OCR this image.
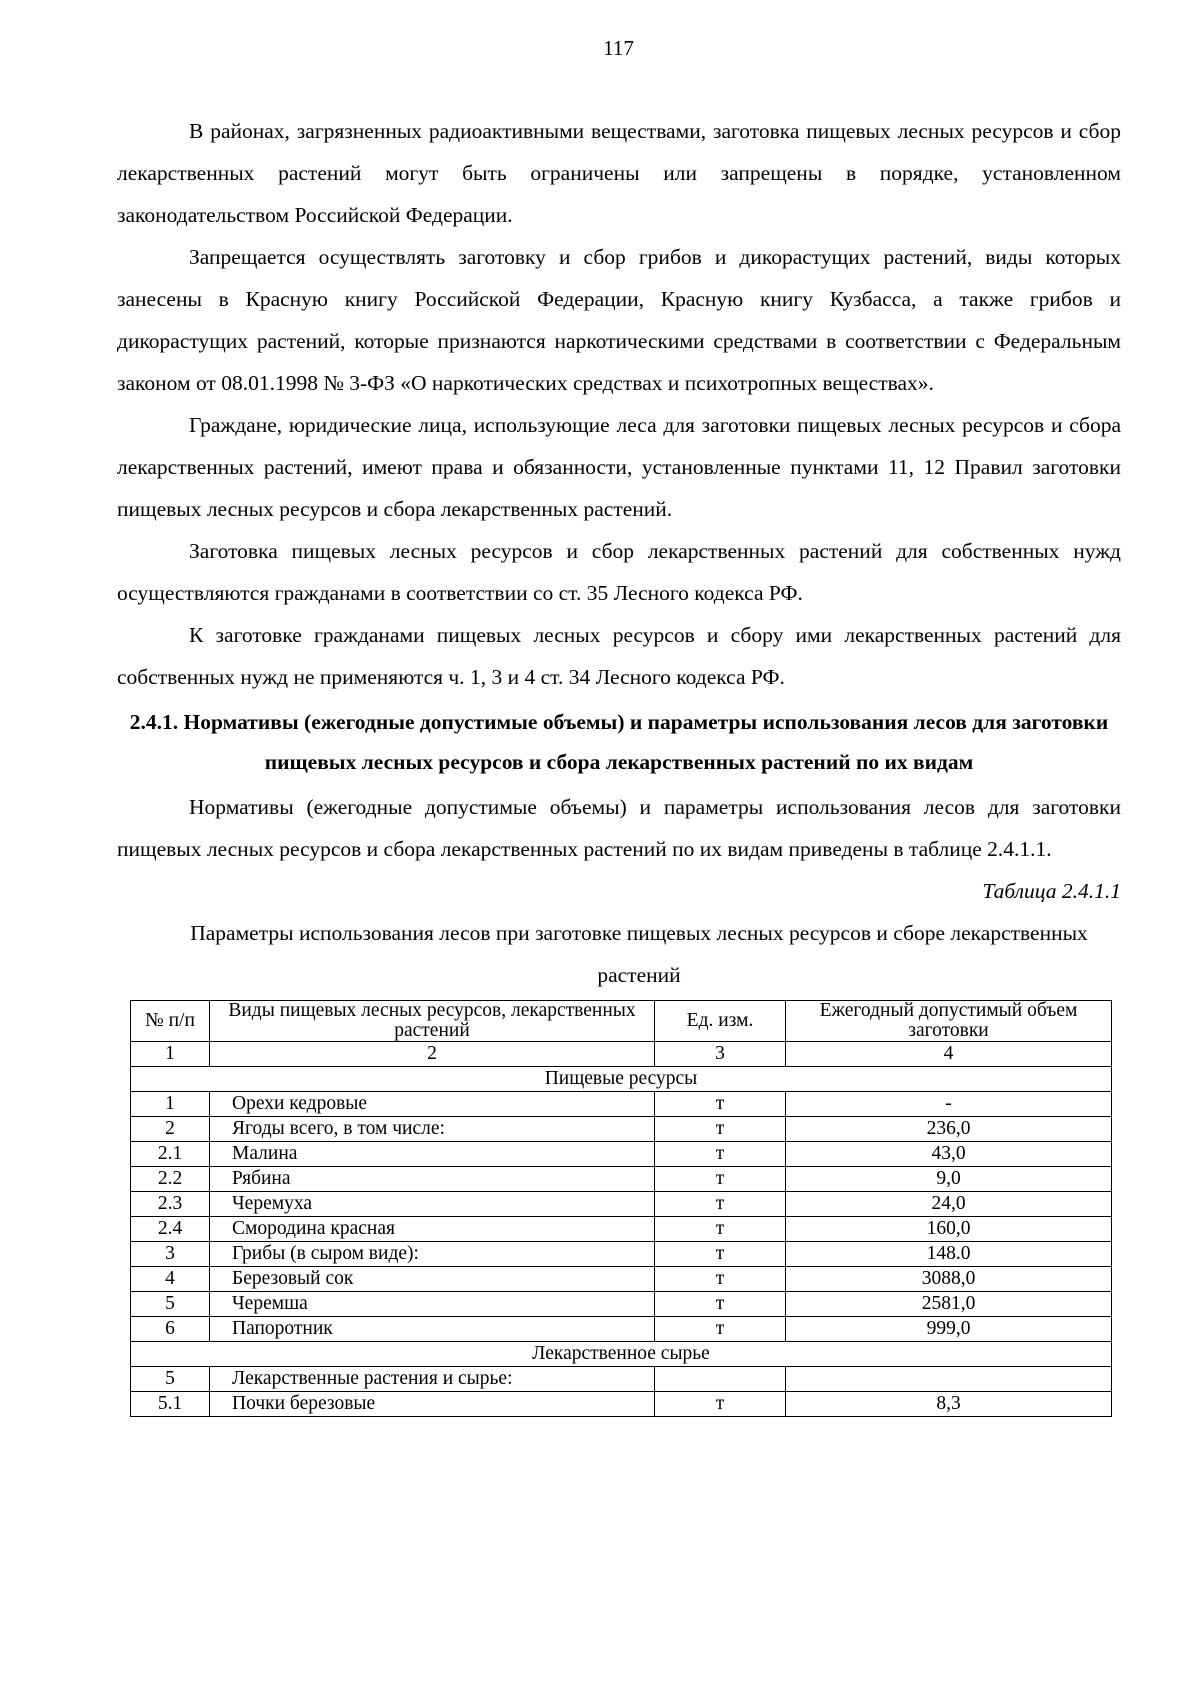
117

В районах, загрязненных радиоактивными веществами, заготовка пищевых лесных ресурсов и сбор лекарственных растений могут быть ограничены или запрещены в порядке, установленном законодательством Российской Федерации.

Запрещается осуществлять заготовку и сбор грибов и дикорастущих растений, виды которых занесены в Красную книгу Российской Федерации, Красную книгу Кузбасса, а также грибов и дикорастущих растений, которые признаются наркотическими средствами в соответствии с Федеральным законом от 08.01.1998 № 3-ФЗ «О наркотических средствах и психотропных веществах».

Граждане, юридические лица, использующие леса для заготовки пищевых лесных ресурсов и сбора лекарственных растений, имеют права и обязанности, установленные пунктами 11, 12 Правил заготовки пищевых лесных ресурсов и сбора лекарственных растений.

Заготовка пищевых лесных ресурсов и сбор лекарственных растений для собственных нужд осуществляются гражданами в соответствии со ст. 35 Лесного кодекса РФ.

К заготовке гражданами пищевых лесных ресурсов и сбору ими лекарственных растений для собственных нужд не применяются ч. 1, 3 и 4 ст. 34 Лесного кодекса РФ.

2.4.1. Нормативы (ежегодные допустимые объемы) и параметры использования лесов для заготовки пищевых лесных ресурсов и сбора лекарственных растений по их видам

Нормативы (ежегодные допустимые объемы) и параметры использования лесов для заготовки пищевых лесных ресурсов и сбора лекарственных растений по их видам приведены в таблице 2.4.1.1.

Таблица 2.4.1.1

Параметры использования лесов при заготовке пищевых лесных ресурсов и сборе лекарственных растений

№ п/п	Виды пищевых лесных ресурсов, лекарственных растений	Ед. изм.	Ежегодный допустимый объем заготовки
1	2	3	4
Пищевые ресурсы			
1	Орехи кедровые	т	-
2	Ягоды всего, в том числе:	т	236,0
2.1	Малина	т	43,0
2.2	Рябина	т	9,0
2.3	Черемуха	т	24,0
2.4	Смородина красная	т	160,0
3	Грибы (в сыром виде):	т	148.0
4	Березовый сок	т	3088,0
5	Черемша	т	2581,0
6	Папоротник	т	999,0
Лекарственное сырье			
5	Лекарственные растения и сырье:		
5.1	Почки березовые	т	8,3
